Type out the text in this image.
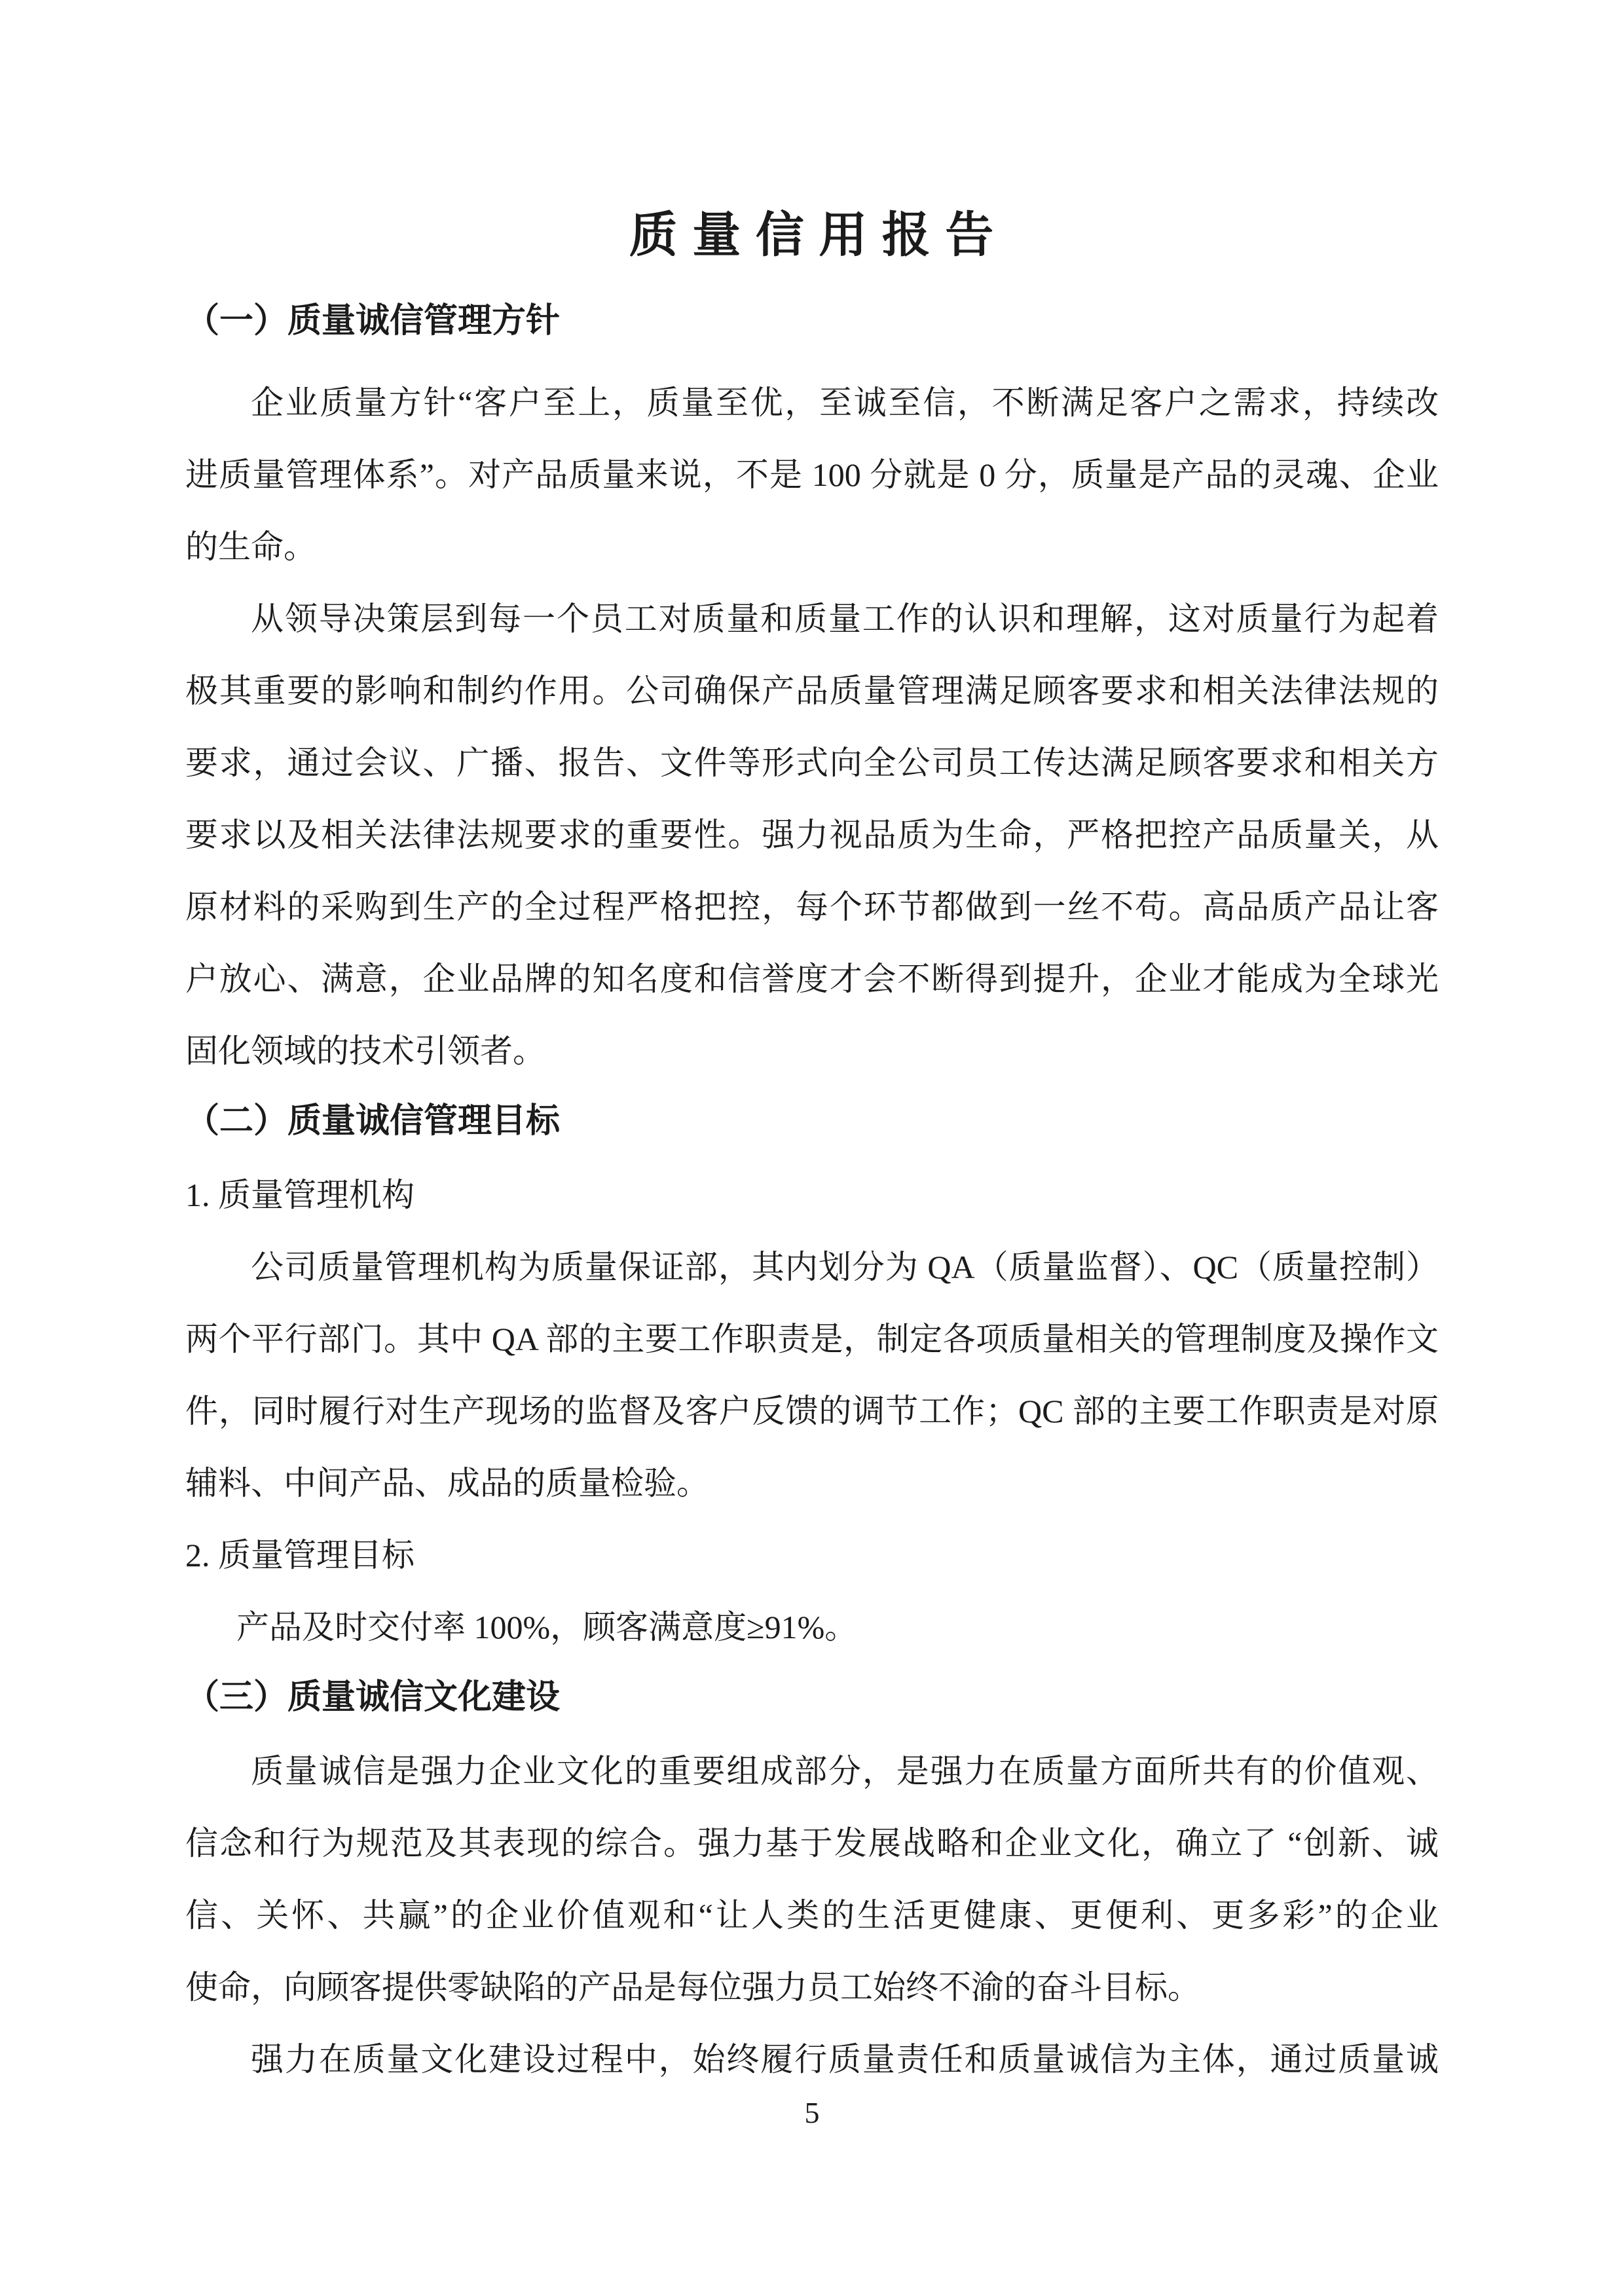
质 量 信 用 报 告
（一）质量诚信管理方针
企业质量方针“客户至上，质量至优，至诚至信，不断满足客户之需求，持续改
进质量管理体系”。对产品质量来说，不是 100 分就是 0 分，质量是产品的灵魂、企业
的生命。
从领导决策层到每一个员工对质量和质量工作的认识和理解，这对质量行为起着
极其重要的影响和制约作用。公司确保产品质量管理满足顾客要求和相关法律法规的
要求，通过会议、广播、报告、文件等形式向全公司员工传达满足顾客要求和相关方
要求以及相关法律法规要求的重要性。强力视品质为生命，严格把控产品质量关，从
原材料的采购到生产的全过程严格把控，每个环节都做到一丝不苟。高品质产品让客
户放心、满意，企业品牌的知名度和信誉度才会不断得到提升，企业才能成为全球光
固化领域的技术引领者。
（二）质量诚信管理目标
1. 质量管理机构
公司质量管理机构为质量保证部，其内划分为 QA（质量监督）、QC（质量控制）
两个平行部门。其中 QA 部的主要工作职责是，制定各项质量相关的管理制度及操作文
件，同时履行对生产现场的监督及客户反馈的调节工作；QC 部的主要工作职责是对原
辅料、中间产品、成品的质量检验。
2. 质量管理目标
产品及时交付率 100%，顾客满意度≥91%。
（三）质量诚信文化建设
质量诚信是强力企业文化的重要组成部分，是强力在质量方面所共有的价值观、
信念和行为规范及其表现的综合。强力基于发展战略和企业文化，确立了 “创新、诚
信、关怀、共赢”的企业价值观和“让人类的生活更健康、更便利、更多彩”的企业
使命，向顾客提供零缺陷的产品是每位强力员工始终不渝的奋斗目标。
强力在质量文化建设过程中，始终履行质量责任和质量诚信为主体，通过质量诚
5
